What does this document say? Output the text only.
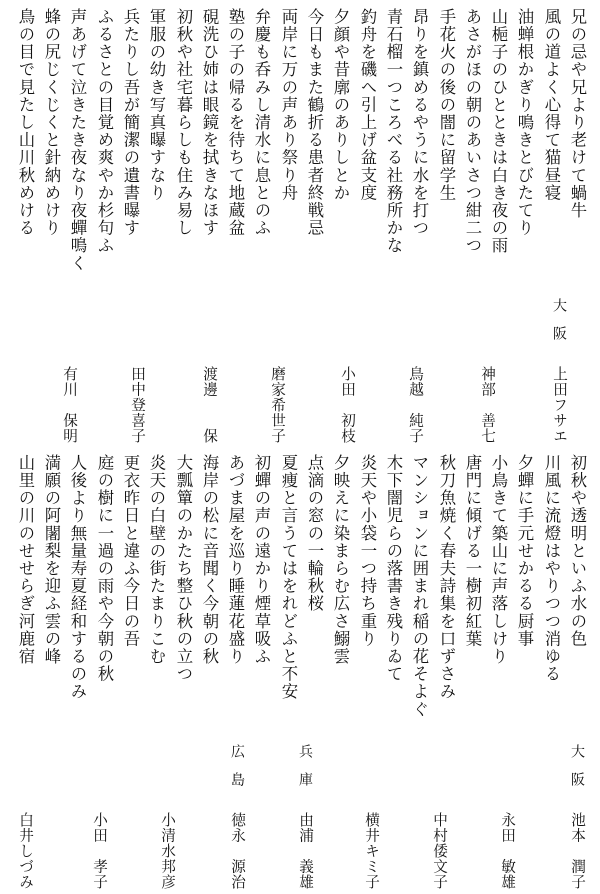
兄の忌や兄より老けて蝸牛
風の道よく心得て猫昼寝
油蝉根かぎり鳴きとびたてり
山梔子のひとときは白き夜の雨
あさがほの朝のあいさつ紺二つ
手花火の後の闇に留学生
昂りを鎮めるやうに水を打つ
青石榴一つころべる社務所かな
釣舟を磯へ引上げ盆支度
夕顔や昔廓のありしとか
今日もまた鶴折る患者終戦忌
両岸に万の声あり祭り舟
弁慶も呑みし清水に息とのふ
塾の子の帰るを待ちて地蔵盆
硯洗ひ姉は眼鏡を拭きなほす
初秋や社宅暮らしも住み易し
軍服の幼き写真曝すなり
兵たりし吾が簡潔の遺書曝す
ふるさとの目覚め爽やか杉句ふ
声あげて泣きたき夜なり夜蟬鳴く
蜂の尻じくじくと針納めけり
鳥の目で見たし山川秋めける
大　阪
上田フサエ
神部　善七
鳥越　純子
小田　初枝
磨家希世子
渡邊　　保
田中登喜子
有川　保明
初秋や透明といふ水の色
川風に流燈はやりつつ消ゆる
夕蟬に手元せかるる厨事
小鳥きて築山に声落しけり
唐門に傾げる一樹初紅葉
秋刀魚焼く春夫詩集を口ずさみ
マンションに囲まれ稲の花そよぐ
木下闇児らの落書き残りゐて
炎天や小袋一つ持ち重り
夕映えに染まらむ広さ鰯雲
点滴の窓の一輪秋桜
夏痩と言うてはをれどふと不安
初蟬の声の遠かり煙草吸ふ
あづま屋を巡り睡蓮花盛り
海岸の松に音聞く今朝の秋
大瓢簞のかたち整ひ秋の立つ
炎天の白壁の街たまりこむ
更衣昨日と違ふ今日の吾
庭の樹に一過の雨や今朝の秋
人後より無量寿夏経和するのみ
満願の阿闍梨を迎ふ雲の峰
山里の川のせせらぎ河鹿宿
大　阪
池本　潤子
永田　敏雄
中村倭文子
横井キミ子
兵　庫
由浦　義雄
広　島
徳永　源治
小清水邦彦
小田　孝子
白井しづみ
